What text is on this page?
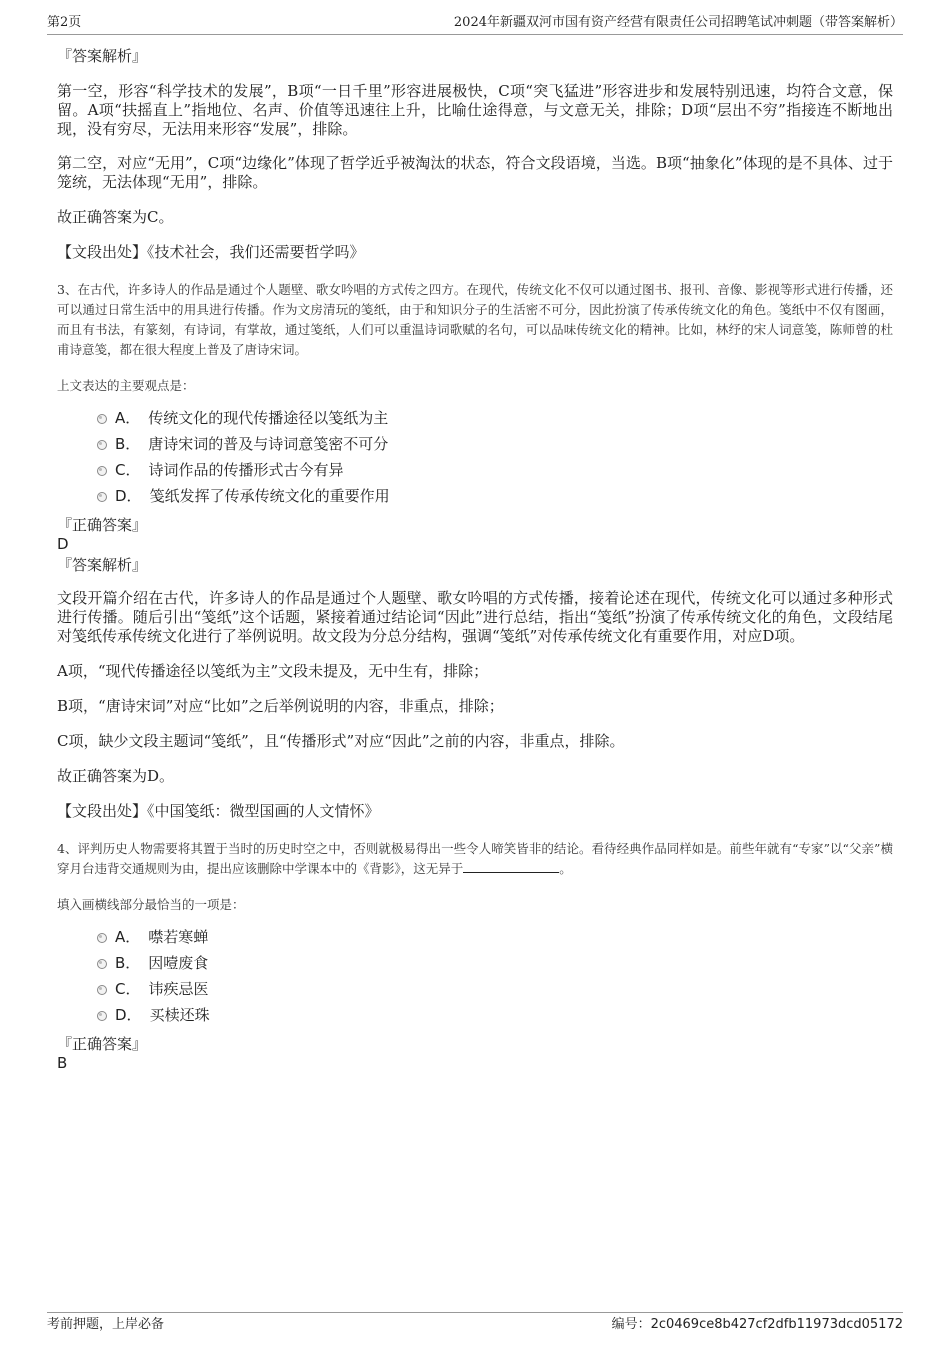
第2页	2024年新疆双河市国有资产经营有限责任公司招聘笔试冲刺题（带答案解析）

『答案解析』

第一空，形容“科学技术的发展”，B项“一日千里”形容进展极快，C项“突飞猛进”形容进步和发展特别迅速，均符合文意，保留。A项“扶摇直上”指地位、名声、价值等迅速往上升，比喻仕途得意，与文意无关，排除；D项“层出不穷”指接连不断地出现，没有穷尽，无法用来形容“发展”，排除。

第二空，对应“无用”，C项“边缘化”体现了哲学近乎被淘汰的状态，符合文段语境，当选。B项“抽象化”体现的是不具体、过于笼统，无法体现“无用”，排除。

故正确答案为C。

【文段出处】《技术社会，我们还需要哲学吗》

3、在古代，许多诗人的作品是通过个人题壁、歌女吟唱的方式传之四方。在现代，传统文化不仅可以通过图书、报刊、音像、影视等形式进行传播，还可以通过日常生活中的用具进行传播。作为文房清玩的笺纸，由于和知识分子的生活密不可分，因此扮演了传承传统文化的角色。笺纸中不仅有图画，而且有书法，有篆刻，有诗词，有掌故，通过笺纸，人们可以重温诗词歌赋的名句，可以品味传统文化的精神。比如，林纾的宋人词意笺，陈师曾的杜甫诗意笺，都在很大程度上普及了唐诗宋词。

上文表达的主要观点是：

A． 传统文化的现代传播途径以笺纸为主
B． 唐诗宋词的普及与诗词意笺密不可分
C． 诗词作品的传播形式古今有异
D． 笺纸发挥了传承传统文化的重要作用

『正确答案』

D

『答案解析』

文段开篇介绍在古代，许多诗人的作品是通过个人题壁、歌女吟唱的方式传播，接着论述在现代，传统文化可以通过多种形式进行传播。随后引出“笺纸”这个话题，紧接着通过结论词“因此”进行总结，指出“笺纸”扮演了传承传统文化的角色，文段结尾对笺纸传承传统文化进行了举例说明。故文段为分总分结构，强调“笺纸”对传承传统文化有重要作用，对应D项。

A项，“现代传播途径以笺纸为主”文段未提及，无中生有，排除；

B项，“唐诗宋词”对应“比如”之后举例说明的内容，非重点，排除；

C项，缺少文段主题词“笺纸”，且“传播形式”对应“因此”之前的内容，非重点，排除。

故正确答案为D。

【文段出处】《中国笺纸：微型国画的人文情怀》

4、评判历史人物需要将其置于当时的历史时空之中，否则就极易得出一些令人啼笑皆非的结论。看待经典作品同样如是。前些年就有“专家”以“父亲”横穿月台违背交通规则为由，提出应该删除中学课本中的《背影》，这无异于	。

填入画横线部分最恰当的一项是：

A． 噤若寒蝉
B． 因噎废食
C． 讳疾忌医
D． 买椟还珠

『正确答案』

B

考前押题，上岸必备	编号：2c0469ce8b427cf2dfb11973dcd05172
